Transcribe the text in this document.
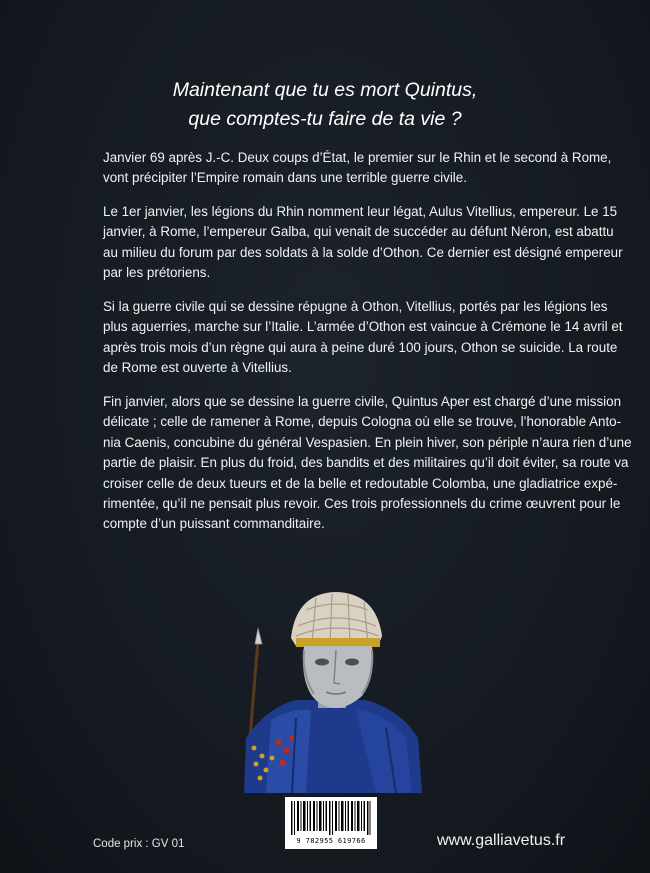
Maintenant que tu es mort Quintus,
que comptes-tu faire de ta vie ?
Janvier 69 après J.-C. Deux coups d’État, le premier sur le Rhin et le second à Rome,
vont précipiter l’Empire romain dans une terrible guerre civile.
Le 1er janvier, les légions du Rhin nomment leur légat, Aulus Vitellius, empereur. Le 15
janvier, à Rome, l’empereur Galba, qui venait de succéder au défunt Néron, est abattu
au milieu du forum par des soldats à la solde d’Othon. Ce dernier est désigné empereur
par les prétoriens.
Si la guerre civile qui se dessine répugne à Othon, Vitellius, portés par les légions les
plus aguerries, marche sur l’Italie. L’armée d’Othon est vaincue à Crémone le 14 avril et
après trois mois d’un règne qui aura à peine duré 100 jours, Othon se suicide. La route
de Rome est ouverte à Vitellius.
Fin janvier, alors que se dessine la guerre civile, Quintus Aper est chargé d’une mission
délicate ; celle de ramener à Rome, depuis Cologna où elle se trouve, l’honorable Anto-
nia Caenis, concubine du général Vespasien. En plein hiver, son périple n’aura rien d’une
partie de plaisir. En plus du froid, des bandits et des militaires qu’il doit éviter, sa route va
croiser celle de deux tueurs et de la belle et redoutable Colomba, une gladiatrice expé-
rimentée, qu’il ne pensait plus revoir. Ces trois professionnels du crime œuvrent pour le
compte d’un puissant commanditaire.
9 782955 619766
Code prix : GV 01	www.galliavetus.fr
